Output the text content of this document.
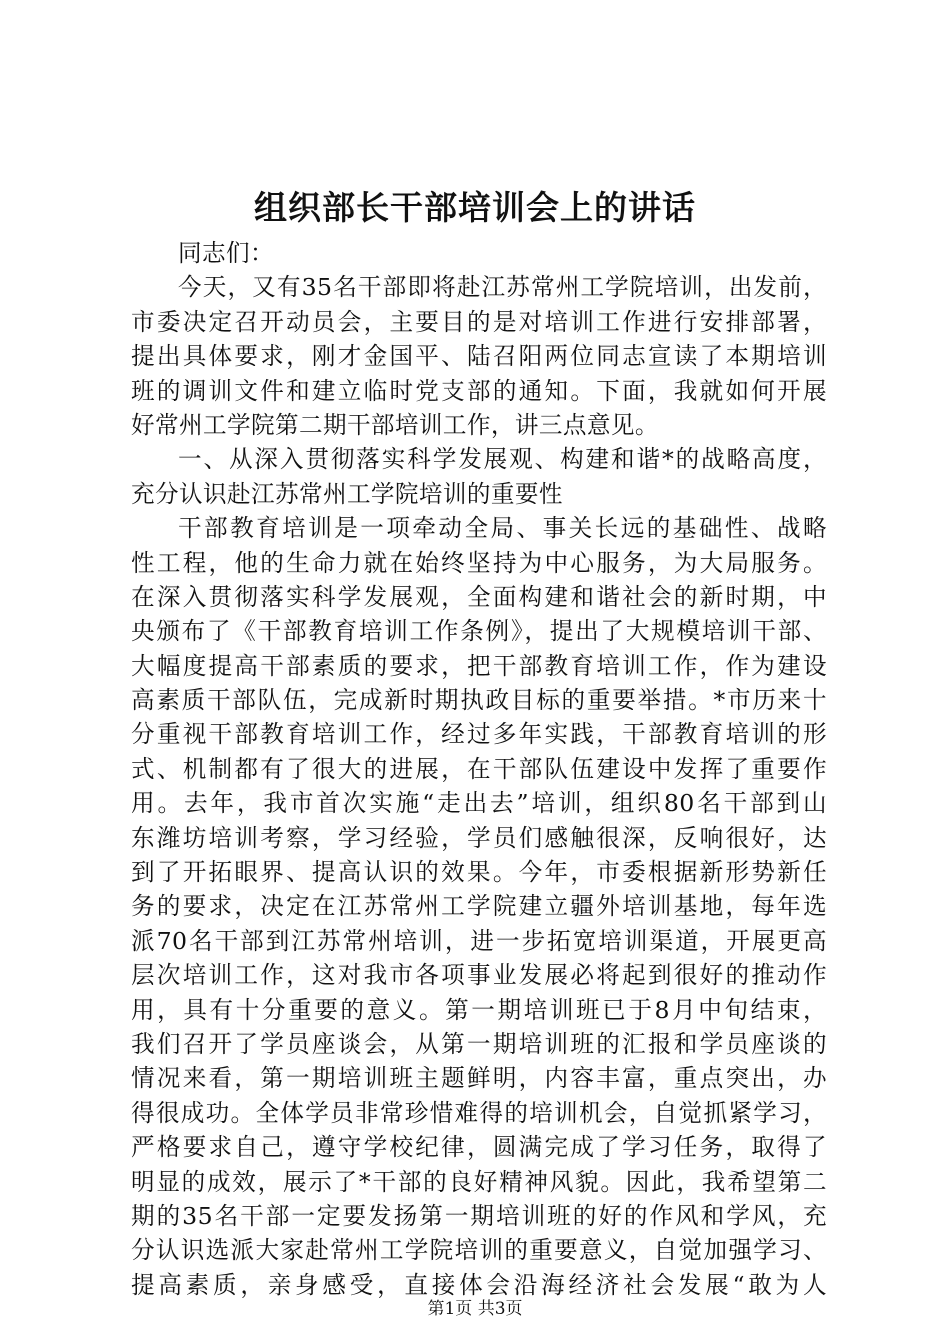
组织部长干部培训会上的讲话
同志们：
今天，又有35名干部即将赴江苏常州工学院培训，出发前，
市委决定召开动员会，主要目的是对培训工作进行安排部署，
提出具体要求，刚才金国平、陆召阳两位同志宣读了本期培训
班的调训文件和建立临时党支部的通知。下面，我就如何开展
好常州工学院第二期干部培训工作，讲三点意见。
一、从深入贯彻落实科学发展观、构建和谐*的战略高度，
充分认识赴江苏常州工学院培训的重要性
干部教育培训是一项牵动全局、事关长远的基础性、战略
性工程，他的生命力就在始终坚持为中心服务，为大局服务。
在深入贯彻落实科学发展观，全面构建和谐社会的新时期，中
央颁布了《干部教育培训工作条例》，提出了大规模培训干部、
大幅度提高干部素质的要求，把干部教育培训工作，作为建设
高素质干部队伍，完成新时期执政目标的重要举措。*市历来十
分重视干部教育培训工作，经过多年实践，干部教育培训的形
式、机制都有了很大的进展，在干部队伍建设中发挥了重要作
用。去年，我市首次实施“走出去”培训，组织80名干部到山
东潍坊培训考察，学习经验，学员们感触很深，反响很好，达
到了开拓眼界、提高认识的效果。今年，市委根据新形势新任
务的要求，决定在江苏常州工学院建立疆外培训基地，每年选
派70名干部到江苏常州培训，进一步拓宽培训渠道，开展更高
层次培训工作，这对我市各项事业发展必将起到很好的推动作
用，具有十分重要的意义。第一期培训班已于8月中旬结束，
我们召开了学员座谈会，从第一期培训班的汇报和学员座谈的
情况来看，第一期培训班主题鲜明，内容丰富，重点突出，办
得很成功。全体学员非常珍惜难得的培训机会，自觉抓紧学习，
严格要求自己，遵守学校纪律，圆满完成了学习任务，取得了
明显的成效，展示了*干部的良好精神风貌。因此，我希望第二
期的35名干部一定要发扬第一期培训班的好的作风和学风，充
分认识选派大家赴常州工学院培训的重要意义，自觉加强学习、
提高素质，亲身感受，直接体会沿海经济社会发展“敢为人
第1页 共3页
